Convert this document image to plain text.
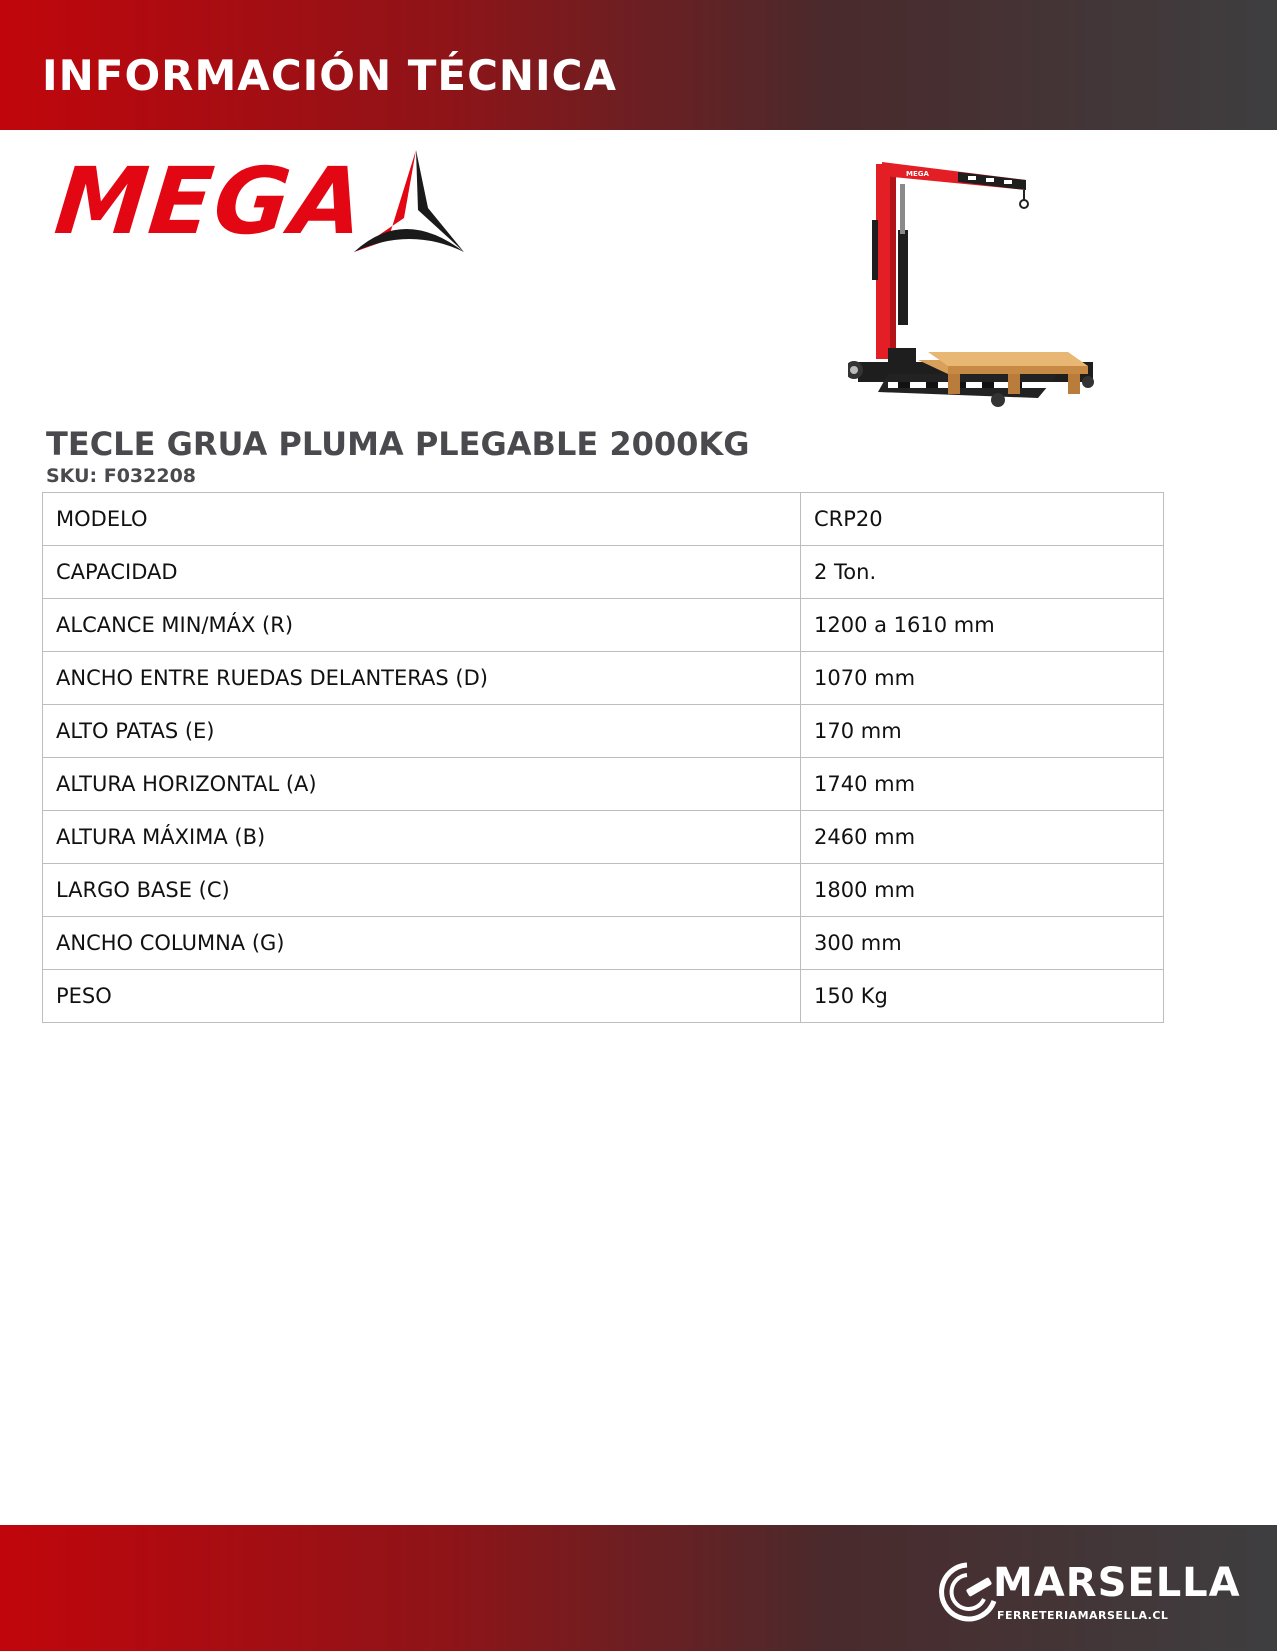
INFORMACIÓN TÉCNICA
MEGA	MEGA
TECLE GRUA PLUMA PLEGABLE 2000KG

SKU: F032208

MODELO	CRP20
CAPACIDAD	2 Ton.
ALCANCE MIN/MÁX (R)	1200 a 1610 mm
ANCHO ENTRE RUEDAS DELANTERAS (D)	1070 mm
ALTO PATAS (E)	170 mm
ALTURA HORIZONTAL (A)	1740 mm
ALTURA MÁXIMA (B)	2460 mm
LARGO BASE (C)	1800 mm
ANCHO COLUMNA (G)	300 mm
PESO	150 Kg

MARSELLA

FERRETERIAMARSELLA.CL
